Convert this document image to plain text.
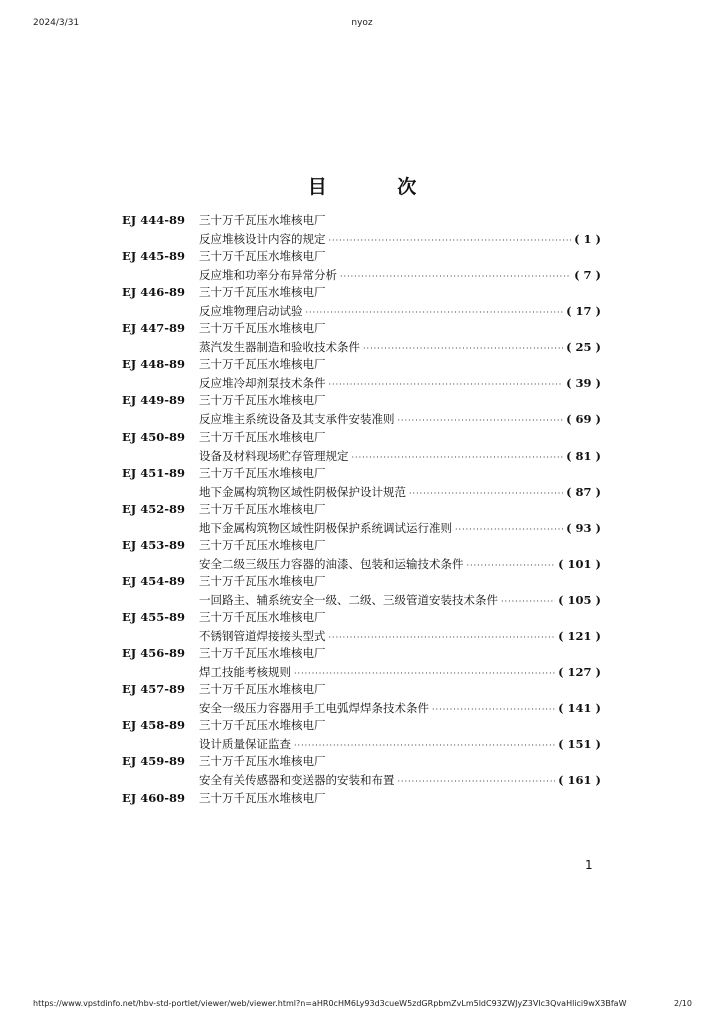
2024/3/31	nyoz
目 次
EJ 444-89	三十万千瓦压水堆核电厂
反应堆核设计内容的规定 ·····	( 1 )
EJ 445-89	三十万千瓦压水堆核电厂
反应堆和功率分布异常分析 ·····	( 7 )
EJ 446-89	三十万千瓦压水堆核电厂
反应堆物理启动试验 ·····	( 17 )
EJ 447-89	三十万千瓦压水堆核电厂
蒸汽发生器制造和验收技术条件 ·····	( 25 )
EJ 448-89	三十万千瓦压水堆核电厂
反应堆冷却剂泵技术条件 ·····	( 39 )
EJ 449-89	三十万千瓦压水堆核电厂
反应堆主系统设备及其支承件安装准则 ·····	( 69 )
EJ 450-89	三十万千瓦压水堆核电厂
设备及材料现场贮存管理规定 ·····	( 81 )
EJ 451-89	三十万千瓦压水堆核电厂
地下金属构筑物区域性阴极保护设计规范 ·····	( 87 )
EJ 452-89	三十万千瓦压水堆核电厂
地下金属构筑物区域性阴极保护系统调试运行准则 ·····	( 93 )
EJ 453-89	三十万千瓦压水堆核电厂
安全二级三级压力容器的油漆、包装和运输技术条件 ·····	( 101 )
EJ 454-89	三十万千瓦压水堆核电厂
一回路主、辅系统安全一级、二级、三级管道安装技术条件 ·····	( 105 )
EJ 455-89	三十万千瓦压水堆核电厂
不锈钢管道焊接接头型式 ·····	( 121 )
EJ 456-89	三十万千瓦压水堆核电厂
焊工技能考核规则 ·····	( 127 )
EJ 457-89	三十万千瓦压水堆核电厂
安全一级压力容器用手工电弧焊焊条技术条件 ·····	( 141 )
EJ 458-89	三十万千瓦压水堆核电厂
设计质量保证监查 ·····	( 151 )
EJ 459-89	三十万千瓦压水堆核电厂
安全有关传感器和变送器的安装和布置 ·····	( 161 )
EJ 460-89	三十万千瓦压水堆核电厂
1
https://www.vpstdinfo.net/hbv-std-portlet/viewer/web/viewer.html?n=aHR0cHM6Ly93d3cueW5zdGRpbmZvLm5ldC93ZWJyZ3VIc3QvaHlici9wX3BfaW	2/10
